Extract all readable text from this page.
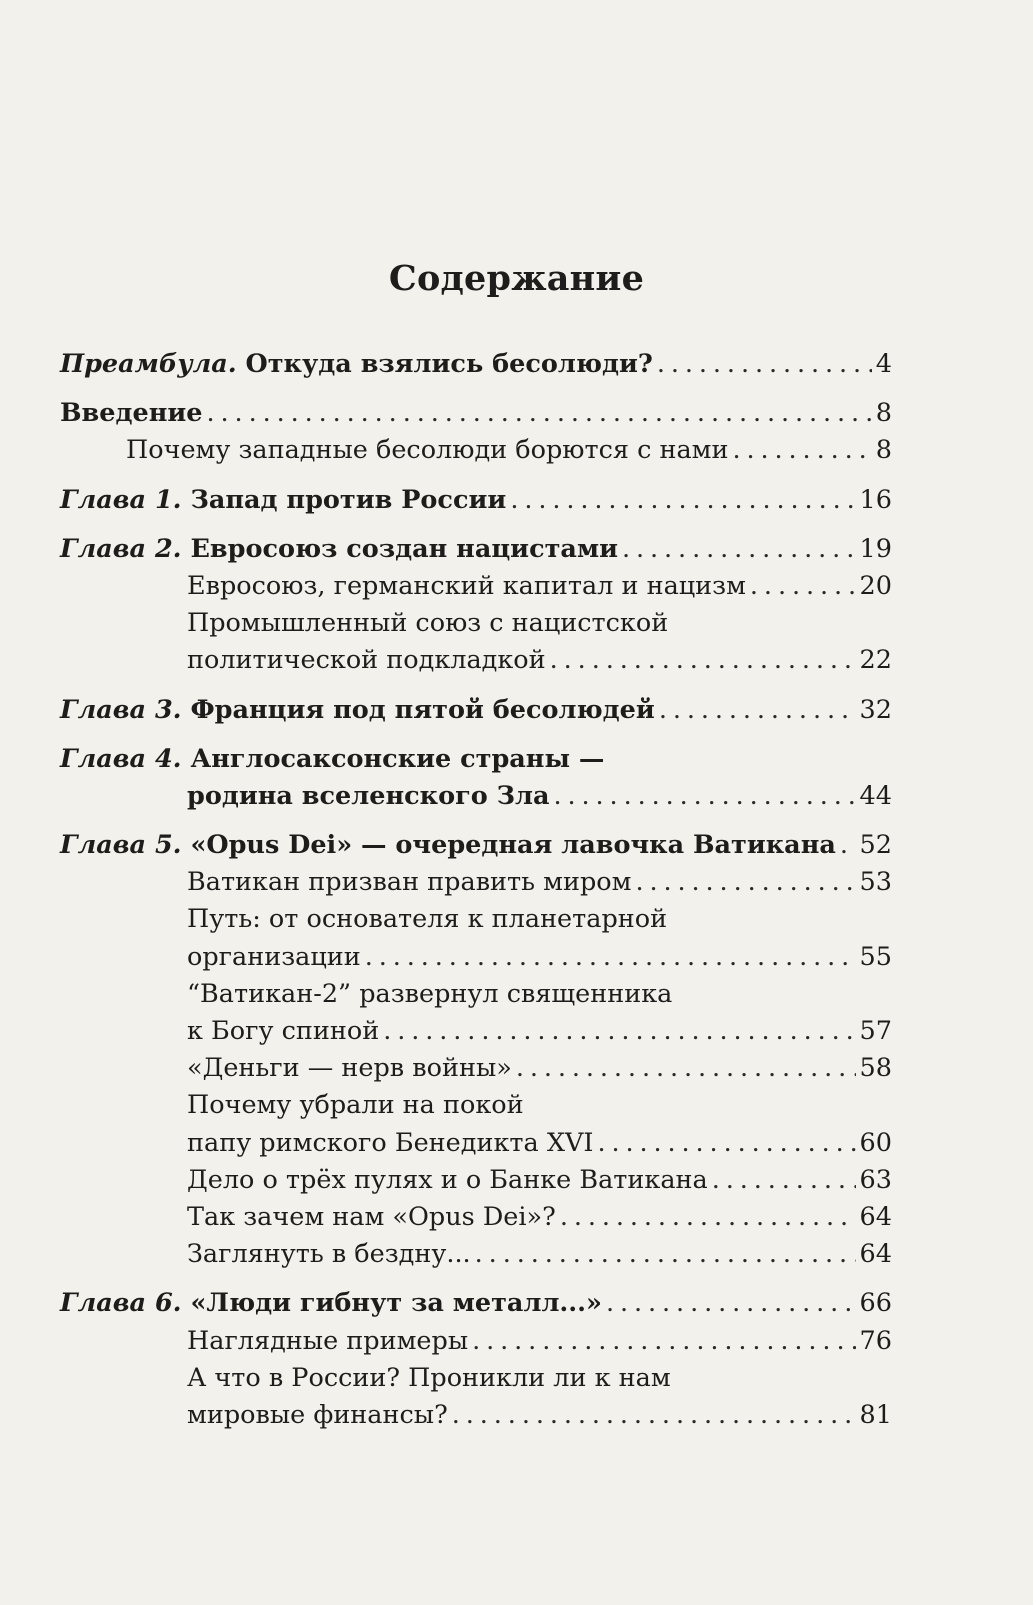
Содержание
Преамбула. Откуда взялись бесолюди? . . .	4
Введение . . .	8
Почему западные бесолюди борются с нами . . .	8
Глава 1. Запад против России . . .	16
Глава 2. Евросоюз создан нацистами . . .	19
Евросоюз, германский капитал и нацизм . . .	20
Промышленный союз с нацистской
политической подкладкой . . .	22
Глава 3. Франция под пятой бесолюдей . . .	32
Глава 4. Англосаксонские страны —
родина вселенского Зла . . .	44
Глава 5. «Opus Dei» — очередная лавочка Ватикана . . . 52
Ватикан призван править миром . . .	53
Путь: от основателя к планетарной
организации . . .	55
“Ватикан-2” развернул священника
к Богу спиной . . .	57
«Деньги — нерв войны» . . .	58
Почему убрали на покой
папу римского Бенедикта XVI . . .	60
Дело о трёх пулях и о Банке Ватикана . . .	63
Так зачем нам «Opus Dei»? . . .	64
Заглянуть в бездну... . . .	64
Глава 6. «Люди гибнут за металл...» . . .	66
Наглядные примеры . . .	76
А что в России? Проникли ли к нам
мировые финансы? . . .	81
